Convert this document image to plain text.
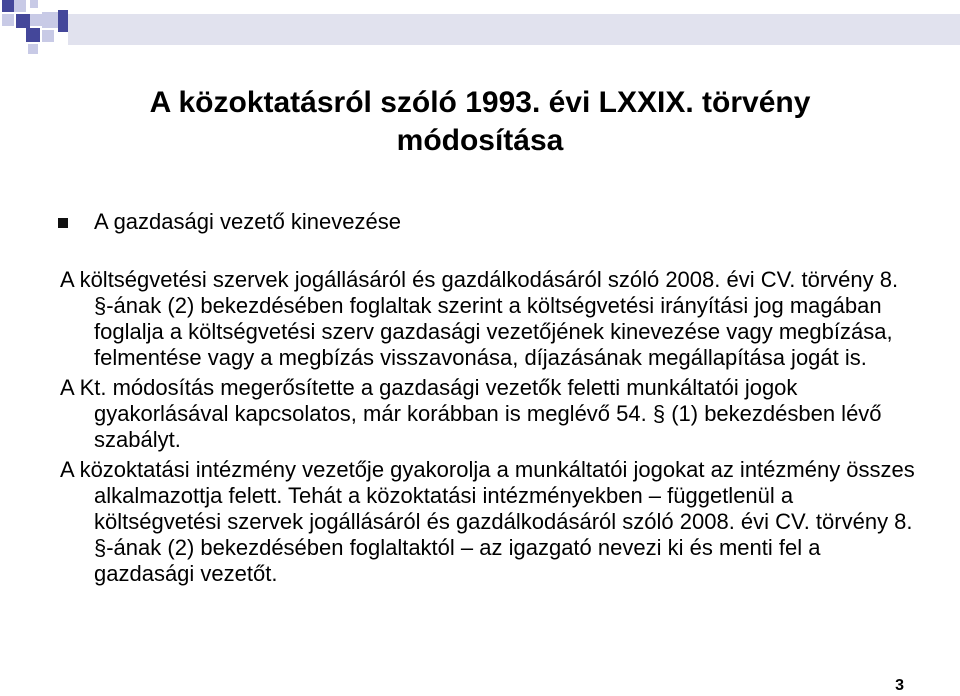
A közoktatásról szóló 1993. évi LXXIX. törvény
módosítása
A gazdasági vezető kinevezése

A költségvetési szervek jogállásáról és gazdálkodásáról szóló 2008. évi CV. törvény 8. §-ának (2) bekezdésében foglaltak szerint a költségvetési irányítási jog magában foglalja a költségvetési szerv gazdasági vezetőjének kinevezése vagy megbízása, felmentése vagy a megbízás visszavonása, díjazásának megállapítása jogát is.

A Kt. módosítás megerősítette a gazdasági vezetők feletti munkáltatói jogok gyakorlásával kapcsolatos, már korábban is meglévő 54. § (1) bekezdésben lévő szabályt.

A közoktatási intézmény vezetője gyakorolja a munkáltatói jogokat az intézmény összes alkalmazottja felett. Tehát a közoktatási intézményekben – függetlenül a költségvetési szervek jogállásáról és gazdálkodásáról szóló 2008. évi CV. törvény 8. §-ának (2) bekezdésében foglaltaktól – az igazgató nevezi ki és menti fel a gazdasági vezetőt.

3
